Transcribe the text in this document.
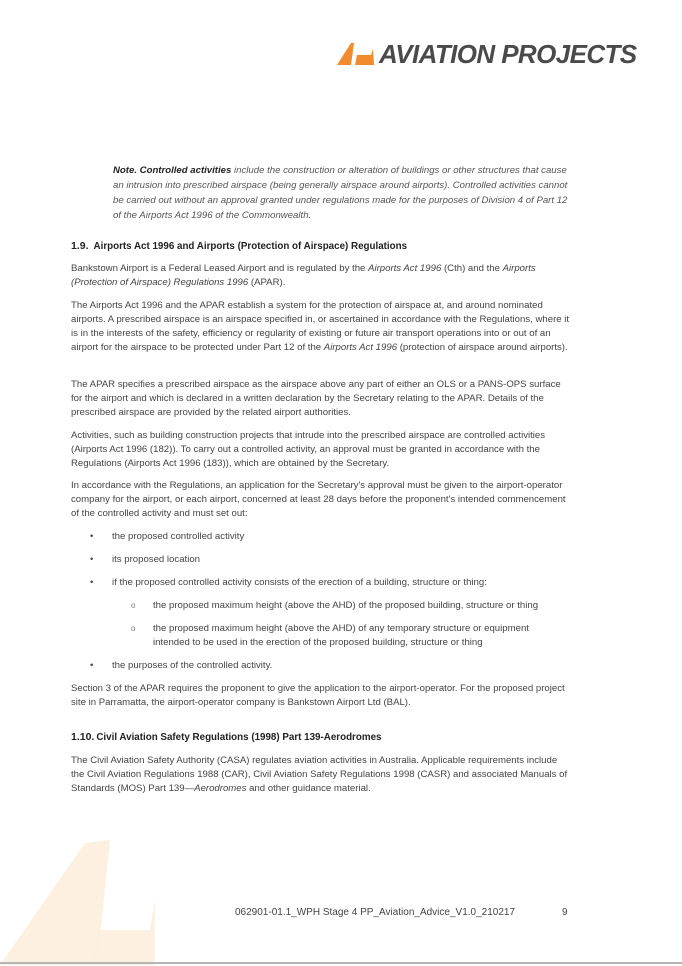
AVIATION PROJECTS
Note. Controlled activities include the construction or alteration of buildings or other structures that cause an intrusion into prescribed airspace (being generally airspace around airports). Controlled activities cannot be carried out without an approval granted under regulations made for the purposes of Division 4 of Part 12 of the Airports Act 1996 of the Commonwealth.
1.9. Airports Act 1996 and Airports (Protection of Airspace) Regulations
Bankstown Airport is a Federal Leased Airport and is regulated by the Airports Act 1996 (Cth) and the Airports (Protection of Airspace) Regulations 1996 (APAR).
The Airports Act 1996 and the APAR establish a system for the protection of airspace at, and around nominated airports. A prescribed airspace is an airspace specified in, or ascertained in accordance with the Regulations, where it is in the interests of the safety, efficiency or regularity of existing or future air transport operations into or out of an airport for the airspace to be protected under Part 12 of the Airports Act 1996 (protection of airspace around airports).
The APAR specifies a prescribed airspace as the airspace above any part of either an OLS or a PANS-OPS surface for the airport and which is declared in a written declaration by the Secretary relating to the APAR. Details of the prescribed airspace are provided by the related airport authorities.
Activities, such as building construction projects that intrude into the prescribed airspace are controlled activities (Airports Act 1996 (182)). To carry out a controlled activity, an approval must be granted in accordance with the Regulations (Airports Act 1996 (183)), which are obtained by the Secretary.
In accordance with the Regulations, an application for the Secretary's approval must be given to the airport-operator company for the airport, or each airport, concerned at least 28 days before the proponent's intended commencement of the controlled activity and must set out:
• the proposed controlled activity
• its proposed location
• if the proposed controlled activity consists of the erection of a building, structure or thing:
o the proposed maximum height (above the AHD) of the proposed building, structure or thing
o the proposed maximum height (above the AHD) of any temporary structure or equipment intended to be used in the erection of the proposed building, structure or thing
• the purposes of the controlled activity.
Section 3 of the APAR requires the proponent to give the application to the airport-operator. For the proposed project site in Parramatta, the airport-operator company is Bankstown Airport Ltd (BAL).
1.10. Civil Aviation Safety Regulations (1998) Part 139-Aerodromes
The Civil Aviation Safety Authority (CASA) regulates aviation activities in Australia. Applicable requirements include the Civil Aviation Regulations 1988 (CAR), Civil Aviation Safety Regulations 1998 (CASR) and associated Manuals of Standards (MOS) Part 139—Aerodromes and other guidance material.
062901-01.1_WPH Stage 4 PP_Aviation_Advice_V1.0_210217	9
